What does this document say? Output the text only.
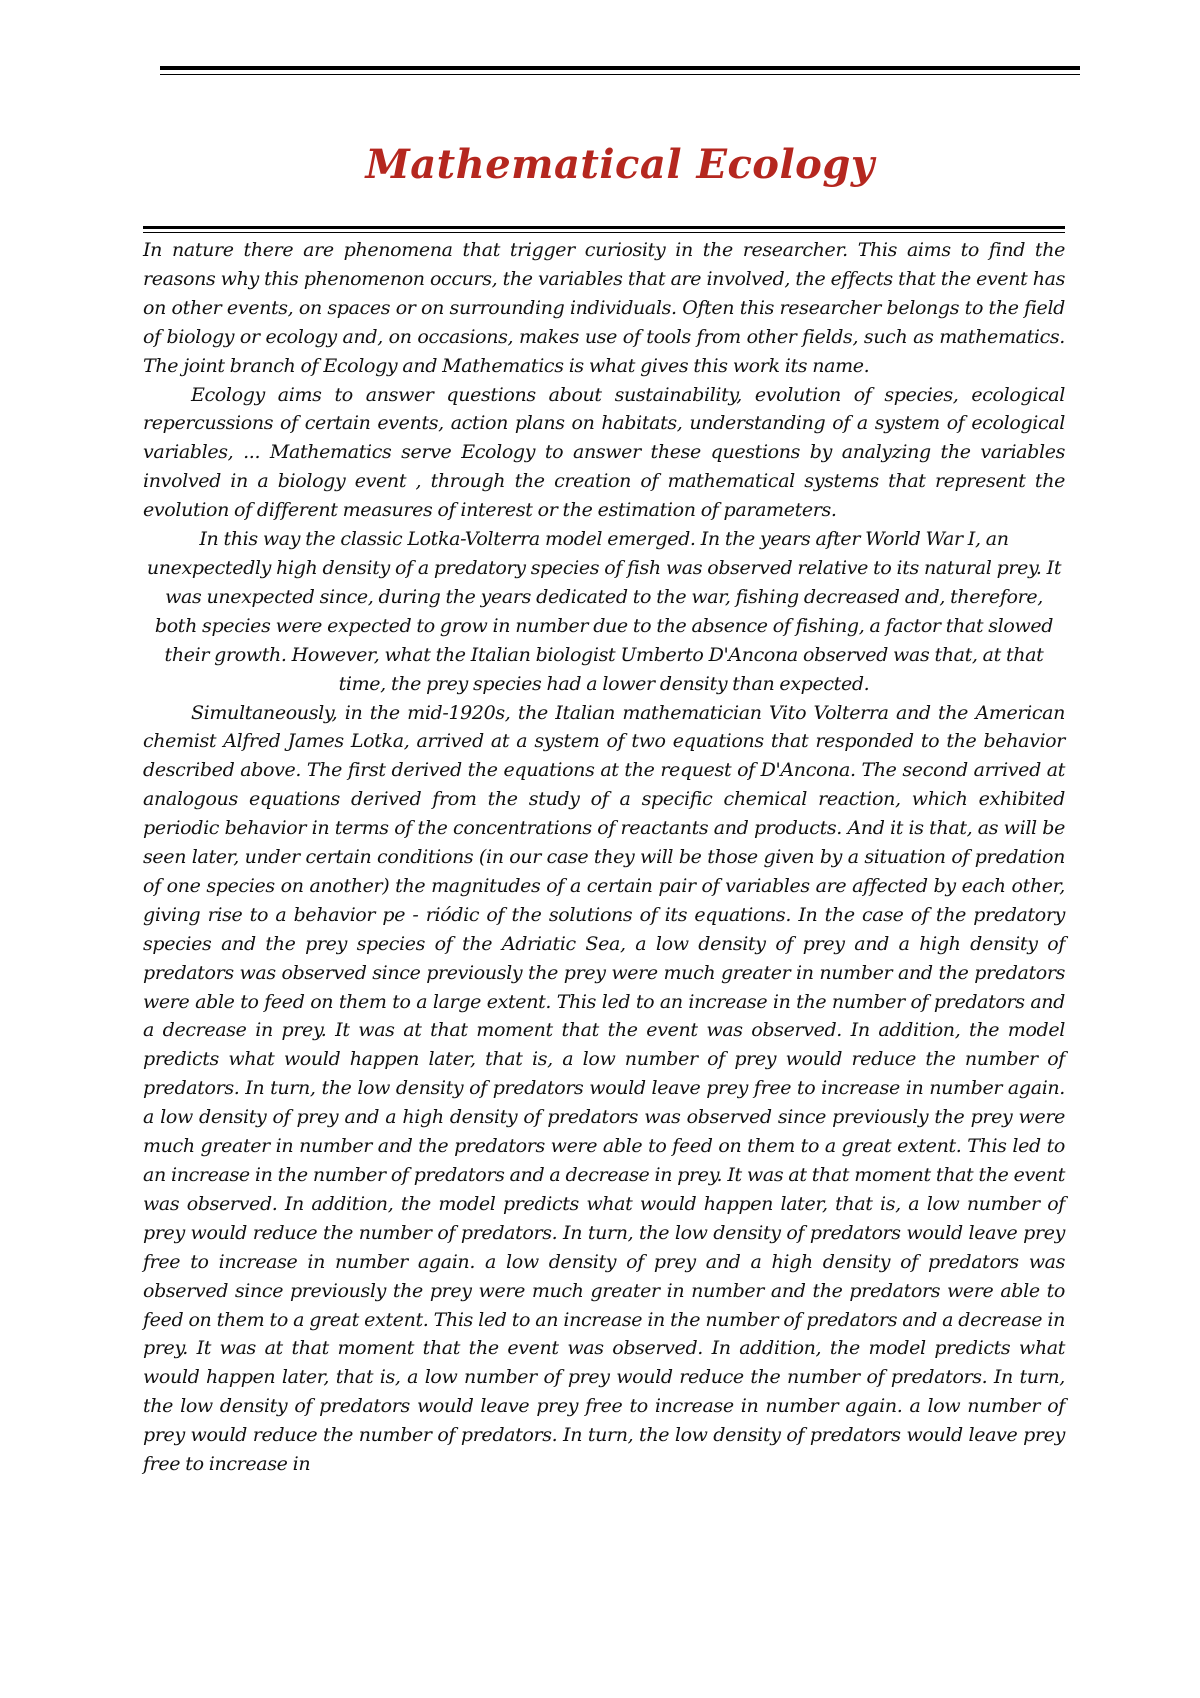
Mathematical Ecology

In nature there are phenomena that trigger curiosity in the researcher. This aims to find the reasons why this phenomenon occurs, the variables that are involved, the effects that the event has on other events, on spaces or on surrounding individuals. Often this researcher belongs to the field of biology or ecology and, on occasions, makes use of tools from other fields, such as mathematics. The joint branch of Ecology and Mathematics is what gives this work its name.

Ecology aims to answer questions about sustainability, evolution of species, ecological repercussions of certain events, action plans on habitats, understanding of a system of ecological variables, ... Mathematics serve Ecology to answer these questions by analyzing the variables involved in a biology event , through the creation of mathematical systems that represent the evolution of different measures of interest or the estimation of parameters.

In this way the classic Lotka-Volterra model emerged. In the years after World War I, an unexpectedly high density of a predatory species of fish was observed relative to its natural prey. It was unexpected since, during the years dedicated to the war, fishing decreased and, therefore, both species were expected to grow in number due to the absence of fishing, a factor that slowed their growth. However, what the Italian biologist Umberto D'Ancona observed was that, at that time, the prey species had a lower density than expected.

Simultaneously, in the mid-1920s, the Italian mathematician Vito Volterra and the American chemist Alfred James Lotka, arrived at a system of two equations that responded to the behavior described above. The first derived the equations at the request of D'Ancona. The second arrived at analogous equations derived from the study of a specific chemical reaction, which exhibited periodic behavior in terms of the concentrations of reactants and products. And it is that, as will be seen later, under certain conditions (in our case they will be those given by a situation of predation of one species on another) the magnitudes of a certain pair of variables are affected by each other, giving rise to a behavior pe - riódic of the solutions of its equations. In the case of the predatory species and the prey species of the Adriatic Sea, a low density of prey and a high density of predators was observed since previously the prey were much greater in number and the predators were able to feed on them to a large extent. This led to an increase in the number of predators and a decrease in prey. It was at that moment that the event was observed. In addition, the model predicts what would happen later, that is, a low number of prey would reduce the number of predators. In turn, the low density of predators would leave prey free to increase in number again. a low density of prey and a high density of predators was observed since previously the prey were much greater in number and the predators were able to feed on them to a great extent. This led to an increase in the number of predators and a decrease in prey. It was at that moment that the event was observed. In addition, the model predicts what would happen later, that is, a low number of prey would reduce the number of predators. In turn, the low density of predators would leave prey free to increase in number again. a low density of prey and a high density of predators was observed since previously the prey were much greater in number and the predators were able to feed on them to a great extent. This led to an increase in the number of predators and a decrease in prey. It was at that moment that the event was observed. In addition, the model predicts what would happen later, that is, a low number of prey would reduce the number of predators. In turn, the low density of predators would leave prey free to increase in number again. a low number of prey would reduce the number of predators. In turn, the low density of predators would leave prey free to increase in
